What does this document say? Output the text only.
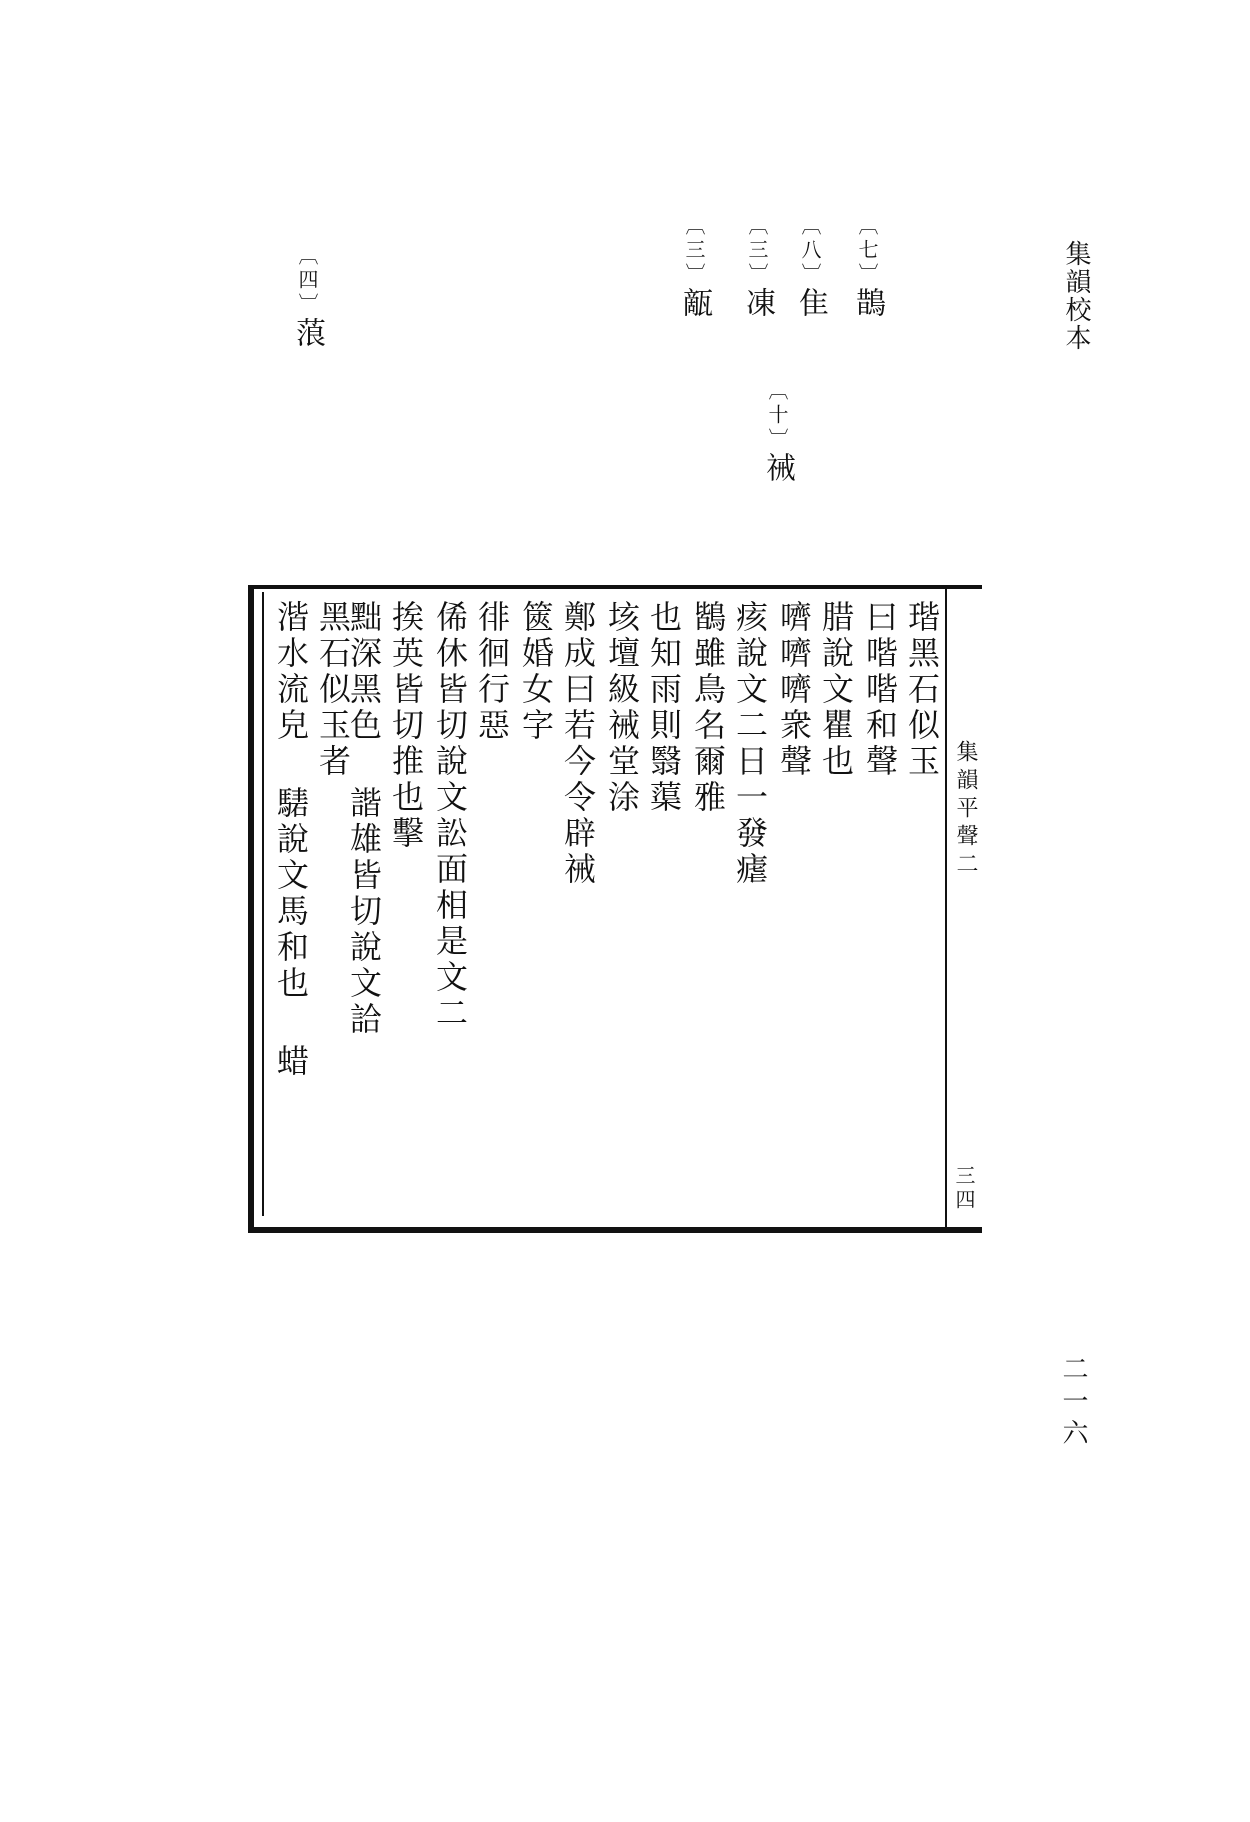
集韻校本
二一六
〔七〕鵲
〔八〕隹
〔三〕凍
〔三〕甋
〔十〕祴
〔四〕蒗
集韻平聲二
三四
瑎黑石似玉
曰喈喈和聲
腊說文瞿也
嚌嚌嚌衆聲
痎說文二日一發瘧
鶛雖鳥名爾雅
也知雨則翳蕖
垓壇級祴堂涂
鄭成曰若今令辟祴
篋婚女字
徘徊行惡
俙休皆切說文訟面相是文二
挨英皆切推也擊
黜深黑色 諧雄皆切說文詥
黑石似玉者
湝水流皃 騞說文馬和也 蜡
